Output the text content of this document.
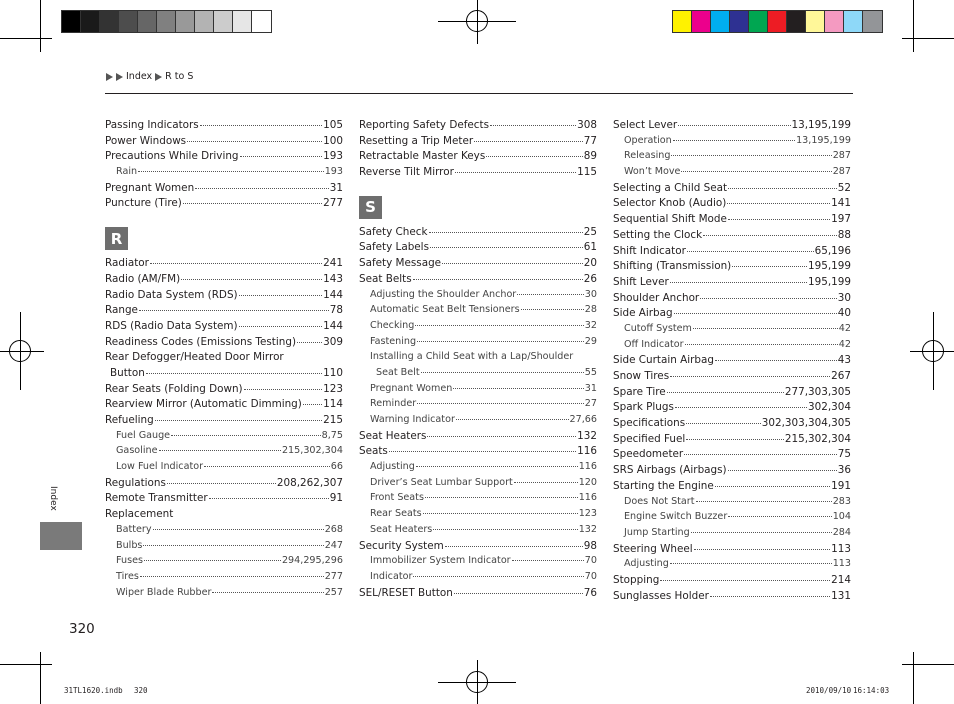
Index R to S
Passing Indicators	105
Power Windows	100
Precautions While Driving	193
Rain	193
Pregnant Women	31
Puncture (Tire)	277
R
Radiator	241
Radio (AM/FM)	143
Radio Data System (RDS)	144
Range	78
RDS (Radio Data System)	144
Readiness Codes (Emissions Testing)	309
Rear Defogger/Heated Door Mirror
Button	110
Rear Seats (Folding Down)	123
Rearview Mirror (Automatic Dimming) 114
Refueling	215
Fuel Gauge	8,75
Gasoline	215,302,304
Low Fuel Indicator	66
Regulations	208,262,307
Remote Transmitter	91
Replacement
Battery	268
Bulbs	247
Fuses	294,295,296
Tires	277
Wiper Blade Rubber	257
Reporting Safety Defects	308
Resetting a Trip Meter	77
Retractable Master Keys	89
Reverse Tilt Mirror	115
S
Safety Check	25
Safety Labels	61
Safety Message	20
Seat Belts	26
Adjusting the Shoulder Anchor	30
Automatic Seat Belt Tensioners	28
Checking	32
Fastening	29
Installing a Child Seat with a Lap/Shoulder
Seat Belt	55
Pregnant Women	31
Reminder	27
Warning Indicator	27,66
Seat Heaters	132
Seats	116
Adjusting	116
Driver’s Seat Lumbar Support	120
Front Seats	116
Rear Seats	123
Seat Heaters	132
Security System	98
Immobilizer System Indicator	70
Indicator	70
SEL/RESET Button	76
Select Lever	13,195,199
Operation	13,195,199
Releasing	287
Won’t Move	287
Selecting a Child Seat	52
Selector Knob (Audio)	141
Sequential Shift Mode	197
Setting the Clock	88
Shift Indicator	65,196
Shifting (Transmission)	195,199
Shift Lever	195,199
Shoulder Anchor	30
Side Airbag	40
Cutoff System	42
Off Indicator	42
Side Curtain Airbag	43
Snow Tires	267
Spare Tire	277,303,305
Spark Plugs	302,304
Specifications	302,303,304,305
Specified Fuel	215,302,304
Speedometer	75
SRS Airbags (Airbags)	36
Starting the Engine	191
Does Not Start	283
Engine Switch Buzzer	104
Jump Starting	284
Steering Wheel	113
Adjusting	113
Stopping	214
Sunglasses Holder	131
Index
320
31TL1620.indb 320	2010/09/10 16:14:03
